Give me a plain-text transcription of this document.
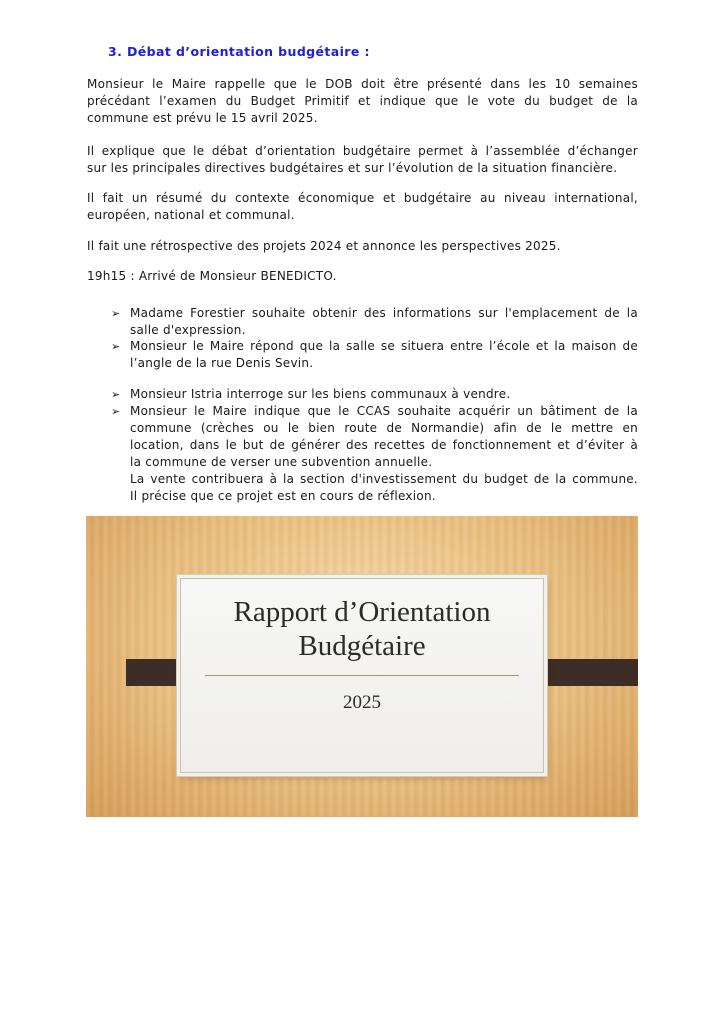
3. Débat d’orientation budgétaire :
Monsieur le Maire rappelle que le DOB doit être présenté dans les 10 semaines
précédant l’examen du Budget Primitif et indique que le vote du budget de la
commune est prévu le 15 avril 2025.
Il explique que le débat d’orientation budgétaire permet à l’assemblée d’échanger
sur les principales directives budgétaires et sur l’évolution de la situation financière.
Il fait un résumé du contexte économique et budgétaire au niveau international,
européen, national et communal.
Il fait une rétrospective des projets 2024 et annonce les perspectives 2025.
19h15 : Arrivé de Monsieur BENEDICTO.
➢ Madame Forestier souhaite obtenir des informations sur l'emplacement de la
salle d'expression.
➢ Monsieur le Maire répond que la salle se situera entre l’école et la maison de
l’angle de la rue Denis Sevin.
➢ Monsieur Istria interroge sur les biens communaux à vendre.
➢ Monsieur le Maire indique que le CCAS souhaite acquérir un bâtiment de la
commune (crèches ou le bien route de Normandie) afin de le mettre en
location, dans le but de générer des recettes de fonctionnement et d’éviter à
la commune de verser une subvention annuelle.
La vente contribuera à la section d'investissement du budget de la commune.
Il précise que ce projet est en cours de réflexion.
Rapport d’Orientation
Budgétaire
2025
